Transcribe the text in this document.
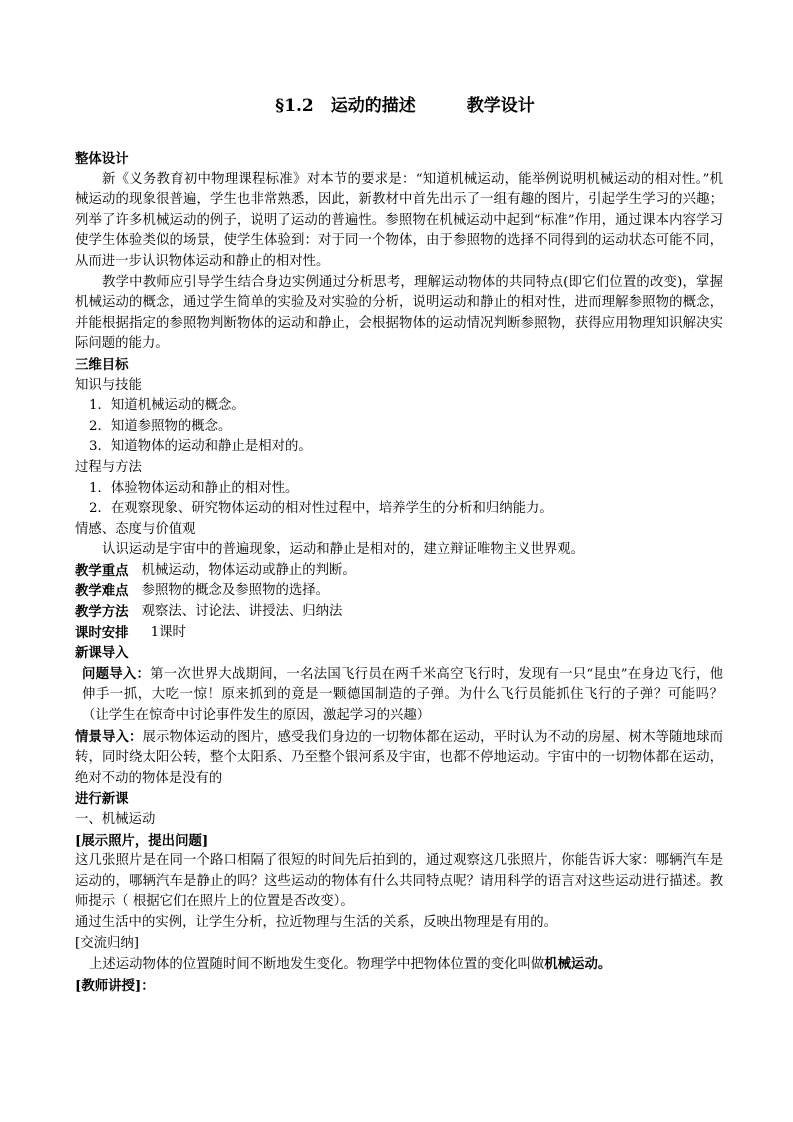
§1.2　运动的描述　　　教学设计

整体设计

新《义务教育初中物理课程标准》对本节的要求是：“知道机械运动，能举例说明机械运动的相对性。”机械运动的现象很普遍，学生也非常熟悉，因此，新教材中首先出示了一组有趣的图片，引起学生学习的兴趣；列举了许多机械运动的例子，说明了运动的普遍性。参照物在机械运动中起到“标准”作用，通过课本内容学习使学生体验类似的场景，使学生体验到：对于同一个物体，由于参照物的选择不同得到的运动状态可能不同，从而进一步认识物体运动和静止的相对性。

教学中教师应引导学生结合身边实例通过分析思考，理解运动物体的共同特点(即它们位置的改变)，掌握机械运动的概念，通过学生简单的实验及对实验的分析，说明运动和静止的相对性，进而理解参照物的概念，并能根据指定的参照物判断物体的运动和静止，会根据物体的运动情况判断参照物，获得应用物理知识解决实际问题的能力。

三维目标

知识与技能

1．知道机械运动的概念。

2．知道参照物的概念。

3．知道物体的运动和静止是相对的。

过程与方法

1．体验物体运动和静止的相对性。

2．在观察现象、研究物体运动的相对性过程中，培养学生的分析和归纳能力。

情感、态度与价值观

认识运动是宇宙中的普遍现象，运动和静止是相对的，建立辩证唯物主义世界观。

教学重点 机械运动，物体运动或静止的判断。
教学难点 参照物的概念及参照物的选择。
教学方法 观察法、讨论法、讲授法、归纳法
课时安排	1课时

新课导入

问题导入：第一次世界大战期间，一名法国飞行员在两千米高空飞行时，发现有一只“昆虫”在身边飞行，他伸手一抓，大吃一惊！原来抓到的竟是一颗德国制造的子弹。为什么飞行员能抓住飞行的子弹？可能吗？（让学生在惊奇中讨论事件发生的原因，激起学习的兴趣）

情景导入：展示物体运动的图片，感受我们身边的一切物体都在运动，平时认为不动的房屋、树木等随地球而转，同时绕太阳公转，整个太阳系、乃至整个银河系及宇宙，也都不停地运动。宇宙中的一切物体都在运动，绝对不动的物体是没有的

进行新课

一、机械运动

[展示照片，提出问题]

这几张照片是在同一个路口相隔了很短的时间先后拍到的，通过观察这几张照片，你能告诉大家：哪辆汽车是运动的，哪辆汽车是静止的吗？这些运动的物体有什么共同特点呢？请用科学的语言对这些运动进行描述。教师提示（ 根据它们在照片上的位置是否改变）。

通过生活中的实例，让学生分析，拉近物理与生活的关系，反映出物理是有用的。

[交流归纳]

上述运动物体的位置随时间不断地发生变化。物理学中把物体位置的变化叫做机械运动。

[教师讲授]：
